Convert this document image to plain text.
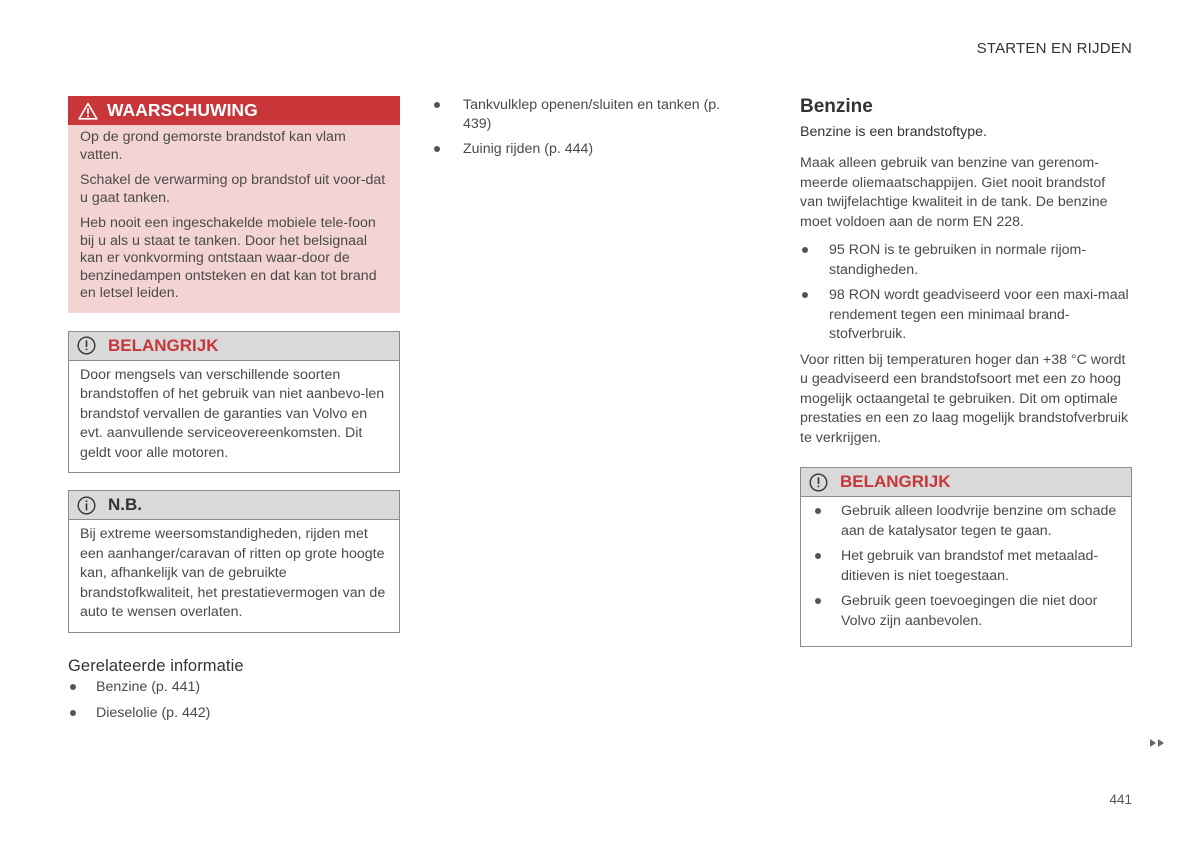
STARTEN EN RIJDEN
WAARSCHUWING

Op de grond gemorste brandstof kan vlam vatten.

Schakel de verwarming op brandstof uit voor-dat u gaat tanken.

Heb nooit een ingeschakelde mobiele tele-foon bij u als u staat te tanken. Door het belsignaal kan er vonkvorming ontstaan waar-door de benzinedampen ontsteken en dat kan tot brand en letsel leiden.

BELANGRIJK

Door mengsels van verschillende soorten brandstoffen of het gebruik van niet aanbevo-len brandstof vervallen de garanties van Volvo en evt. aanvullende serviceovereenkomsten. Dit geldt voor alle motoren.

N.B.

Bij extreme weersomstandigheden, rijden met een aanhanger/caravan of ritten op grote hoogte kan, afhankelijk van de gebruikte brandstofkwaliteit, het prestatievermogen van de auto te wensen overlaten.

Gerelateerde informatie
Benzine (p. 441)
Dieselolie (p. 442)
Tankvulklep openen/sluiten en tanken (p. 439)
Zuinig rijden (p. 444)
Benzine

Benzine is een brandstoftype.

Maak alleen gebruik van benzine van gerenom-meerde oliemaatschappijen. Giet nooit brandstof van twijfelachtige kwaliteit in de tank. De benzine moet voldoen aan de norm EN 228.

95 RON is te gebruiken in normale rijom-standigheden.
98 RON wordt geadviseerd voor een maxi-maal rendement tegen een minimaal brand-stofverbruik.

Voor ritten bij temperaturen hoger dan +38 °C wordt u geadviseerd een brandstofsoort met een zo hoog mogelijk octaangetal te gebruiken. Dit om optimale prestaties en een zo laag mogelijk brandstofverbruik te verkrijgen.

BELANGRIJK
Gebruik alleen loodvrije benzine om schade aan de katalysator tegen te gaan.
Het gebruik van brandstof met metaalad-ditieven is niet toegestaan.
Gebruik geen toevoegingen die niet door Volvo zijn aanbevolen.
441
